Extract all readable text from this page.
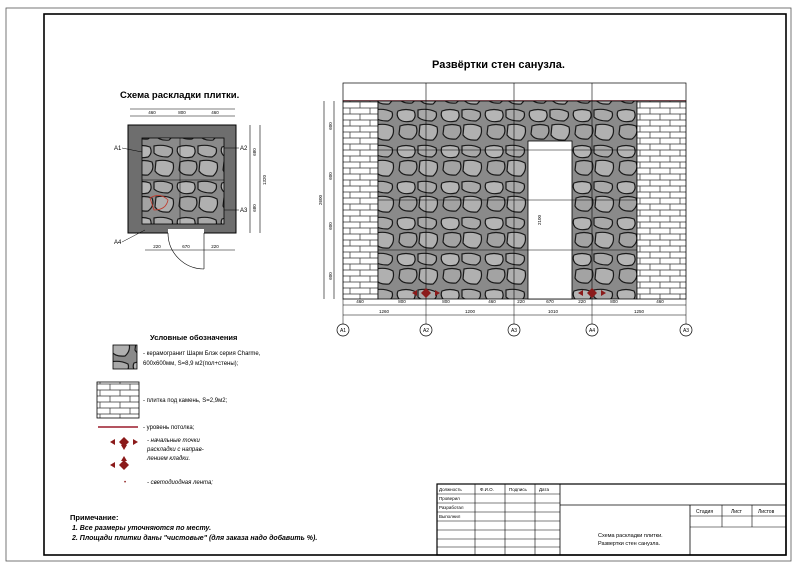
Схема раскладки плитки.
Развёртки стен санузла.
460	800	460
220	670	220
680
1320
680
А1	А2
А3
А4
2100
2600
600
600
600
600
460	800	800	460	220	670	220	800	460
1260	1200	1010	1250
А1	А2	А3	А4	А3
Условные обозначения
- керамогранит Шарм Блэк серия Charme,
600х600мм, S=8,9 м2(пол+стены);
- плитка под камень, S=2,9м2;
- уровень потолка;
- начальные точки
раскладки с направ-
лением кладки.
•	- светодиодная лента;
Примечание:
1. Все размеры уточняются по месту.
2. Площади плитки даны "чистовые" (для заказа надо добавить %).
Должность	Ф.И.О.	Подпись	Дата
Проверил
Разработал
Выполнил
Стадия	Лист	Листов
Схема раскладки плитки.
Развертки стен санузла.
